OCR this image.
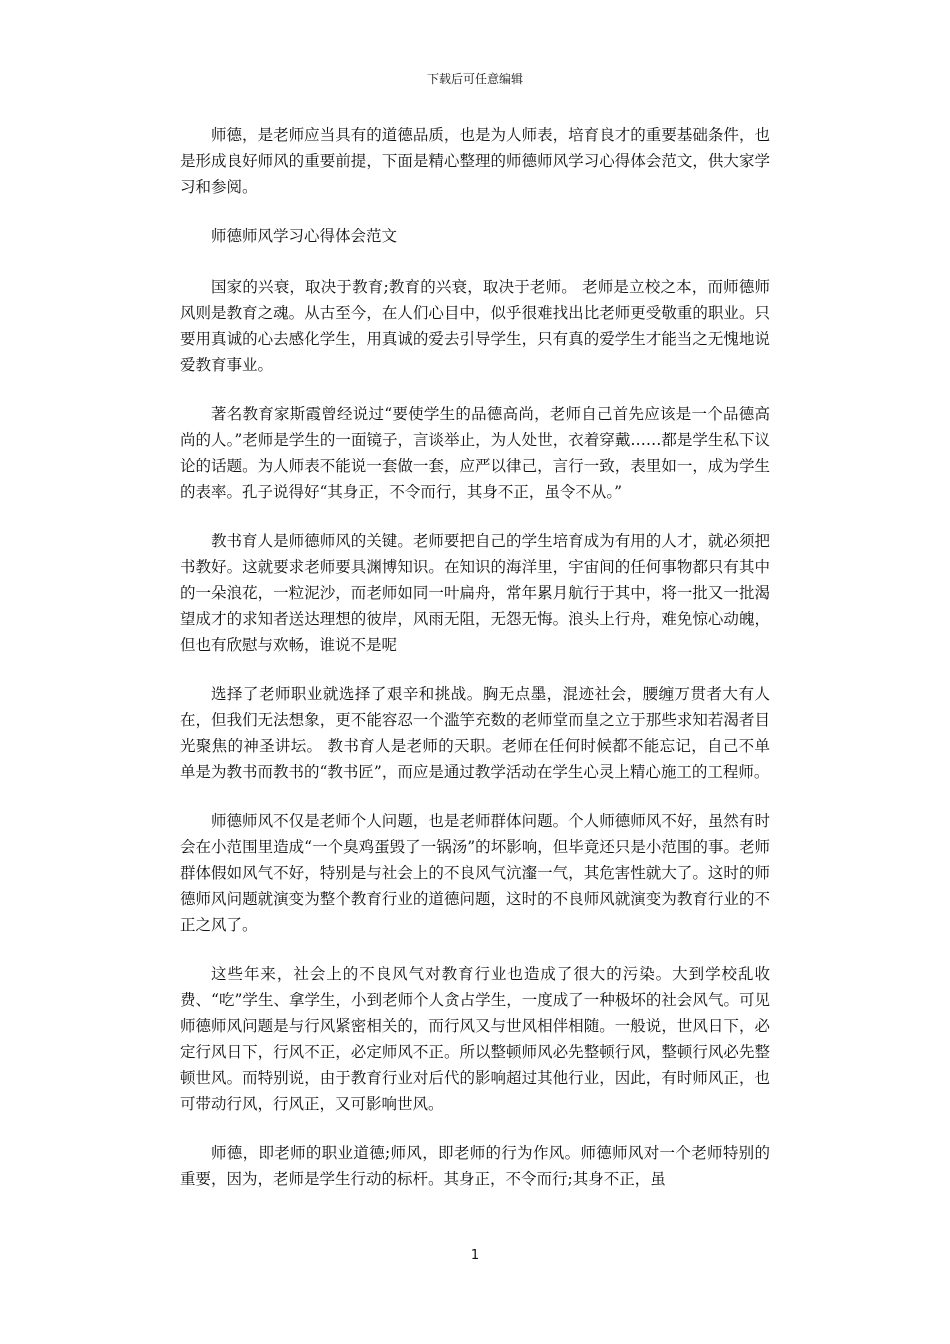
下载后可任意编辑

师德，是老师应当具有的道德品质，也是为人师表，培育良才的重要基础条件，也是形成良好师风的重要前提，下面是精心整理的师德师风学习心得体会范文，供大家学习和参阅。

师德师风学习心得体会范文

国家的兴衰，取决于教育;教育的兴衰，取决于老师。 老师是立校之本，而师德师风则是教育之魂。从古至今，在人们心目中，似乎很难找出比老师更受敬重的职业。只要用真诚的心去感化学生，用真诚的爱去引导学生，只有真的爱学生才能当之无愧地说爱教育事业。

著名教育家斯霞曾经说过“要使学生的品德高尚，老师自己首先应该是一个品德高尚的人。”老师是学生的一面镜子，言谈举止，为人处世，衣着穿戴……都是学生私下议论的话题。为人师表不能说一套做一套，应严以律己，言行一致，表里如一，成为学生的表率。孔子说得好“其身正，不令而行，其身不正，虽令不从。”

教书育人是师德师风的关键。老师要把自己的学生培育成为有用的人才，就必须把书教好。这就要求老师要具渊博知识。在知识的海洋里，宇宙间的任何事物都只有其中的一朵浪花，一粒泥沙，而老师如同一叶扁舟，常年累月航行于其中，将一批又一批渴望成才的求知者送达理想的彼岸，风雨无阻，无怨无悔。浪头上行舟，难免惊心动魄，但也有欣慰与欢畅，谁说不是呢

选择了老师职业就选择了艰辛和挑战。胸无点墨，混迹社会，腰缠万贯者大有人在，但我们无法想象，更不能容忍一个滥竽充数的老师堂而皇之立于那些求知若渴者目光聚焦的神圣讲坛。 教书育人是老师的天职。老师在任何时候都不能忘记，自己不单单是为教书而教书的“教书匠”，而应是通过教学活动在学生心灵上精心施工的工程师。

师德师风不仅是老师个人问题，也是老师群体问题。个人师德师风不好，虽然有时会在小范围里造成“一个臭鸡蛋毁了一锅汤”的坏影响，但毕竟还只是小范围的事。老师群体假如风气不好，特别是与社会上的不良风气沆瀣一气，其危害性就大了。这时的师德师风问题就演变为整个教育行业的道德问题，这时的不良师风就演变为教育行业的不正之风了。

这些年来，社会上的不良风气对教育行业也造成了很大的污染。大到学校乱收费、“吃”学生、拿学生，小到老师个人贪占学生，一度成了一种极坏的社会风气。可见师德师风问题是与行风紧密相关的，而行风又与世风相伴相随。一般说，世风日下，必定行风日下，行风不正，必定师风不正。所以整顿师风必先整顿行风，整顿行风必先整顿世风。而特别说，由于教育行业对后代的影响超过其他行业，因此，有时师风正，也可带动行风，行风正，又可影响世风。

师德，即老师的职业道德;师风，即老师的行为作风。师德师风对一个老师特别的重要，因为，老师是学生行动的标杆。其身正，不令而行;其身不正，虽

1
